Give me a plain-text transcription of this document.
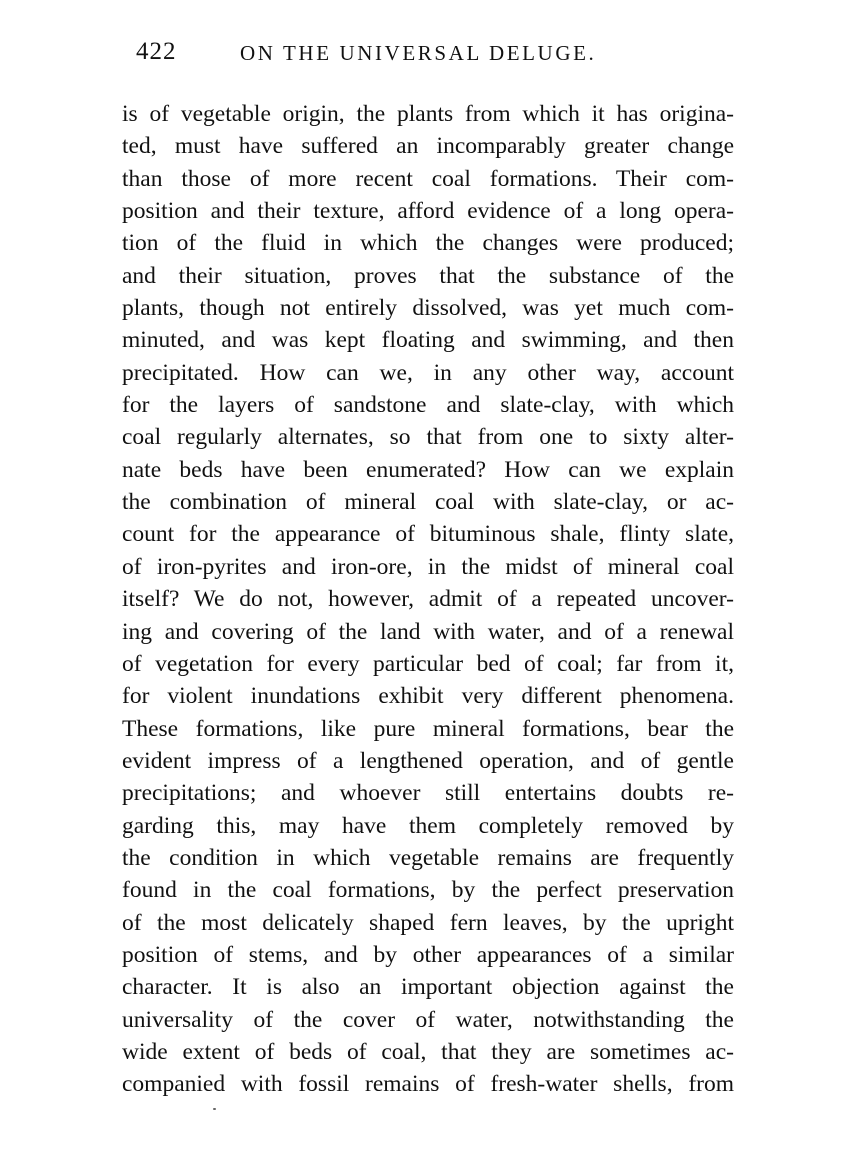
422	ON THE UNIVERSAL DELUGE.
is of vegetable origin, the plants from which it has origina-
ted, must have suffered an incomparably greater change
than those of more recent coal formations. Their com-
position and their texture, afford evidence of a long opera-
tion of the fluid in which the changes were produced;
and their situation, proves that the substance of the
plants, though not entirely dissolved, was yet much com-
minuted, and was kept floating and swimming, and then
precipitated. How can we, in any other way, account
for the layers of sandstone and slate-clay, with which
coal regularly alternates, so that from one to sixty alter-
nate beds have been enumerated? How can we explain
the combination of mineral coal with slate-clay, or ac-
count for the appearance of bituminous shale, flinty slate,
of iron-pyrites and iron-ore, in the midst of mineral coal
itself? We do not, however, admit of a repeated uncover-
ing and covering of the land with water, and of a renewal
of vegetation for every particular bed of coal; far from it,
for violent inundations exhibit very different phenomena.
These formations, like pure mineral formations, bear the
evident impress of a lengthened operation, and of gentle
precipitations; and whoever still entertains doubts re-
garding this, may have them completely removed by
the condition in which vegetable remains are frequently
found in the coal formations, by the perfect preservation
of the most delicately shaped fern leaves, by the upright
position of stems, and by other appearances of a similar
character. It is also an important objection against the
universality of the cover of water, notwithstanding the
wide extent of beds of coal, that they are sometimes ac-
companied with fossil remains of fresh-water shells, from
